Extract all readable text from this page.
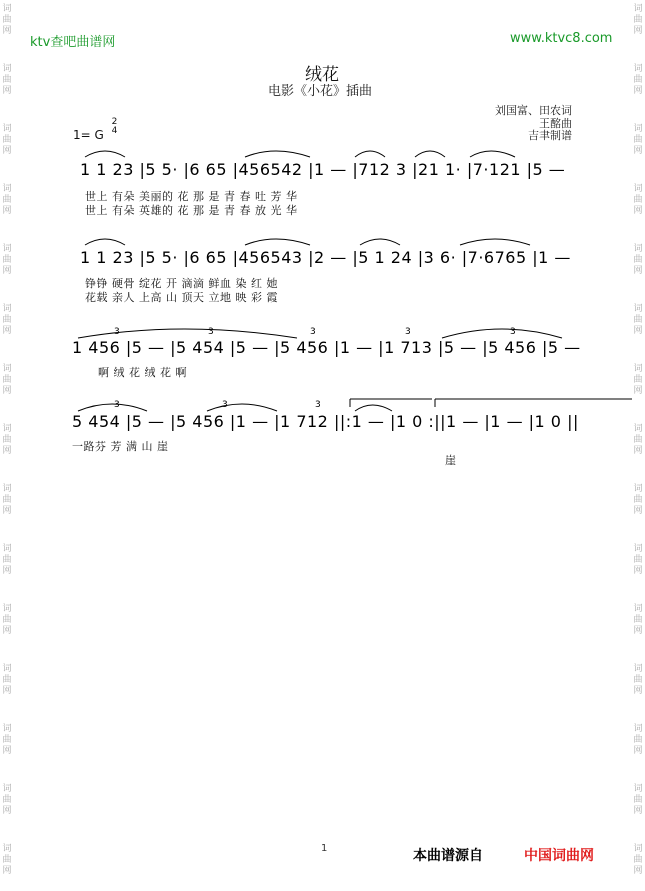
词
曲
网
词
曲
网
词
曲
网
词
曲
网
词
曲
网
词
曲
网
词
曲
网
词
曲
网
词
曲
网
词
曲
网
词
曲
网
词
曲
网
词
曲
网
词
曲
网
词
曲
网
词
曲
网
词
曲
网
词
曲
网
词
曲
网
词
曲
网
词
曲
网
词
曲
网
词
曲
网
词
曲
网
词
曲
网
词
曲
网
词
曲
网
词
曲
网
词
曲
网
词
曲
网
ktv查吧曲谱网	www.ktvc8.com
绒花
电影《小花》插曲
刘国富、田农词
王酩曲
吉聿制谱
1= G
2
4
1 1 23 |5 5· |6 65 |456542 |1 — |712 3 |21 1· |7·121 |5 —
世上 有朵 美丽的 花 那 是 青 春 吐 芳 华
世上 有朵 英雄的 花 那 是 青 春 放 光 华
1 1 23 |5 5· |6 65 |456543 |2 — |5 1 24 |3 6· |7·6765 |1 —
铮铮 硬骨 绽花 开 滴滴 鲜血 染 红 她
花载 亲人 上高 山 顶天 立地 映 彩 霞
3	3	3	3	3
1 456 |5 — |5 454 |5 — |5 456 |1 — |1 713 |5 — |5 456 |5 —
啊 绒 花 绒 花 啊
3	3	3
5 454 |5 — |5 456 |1 — |1 712 ||:1 — |1 0 :||1 — |1 — |1 0 ||
一路芬 芳 满 山 崖
崖
1	本曲谱源自	中国词曲网
